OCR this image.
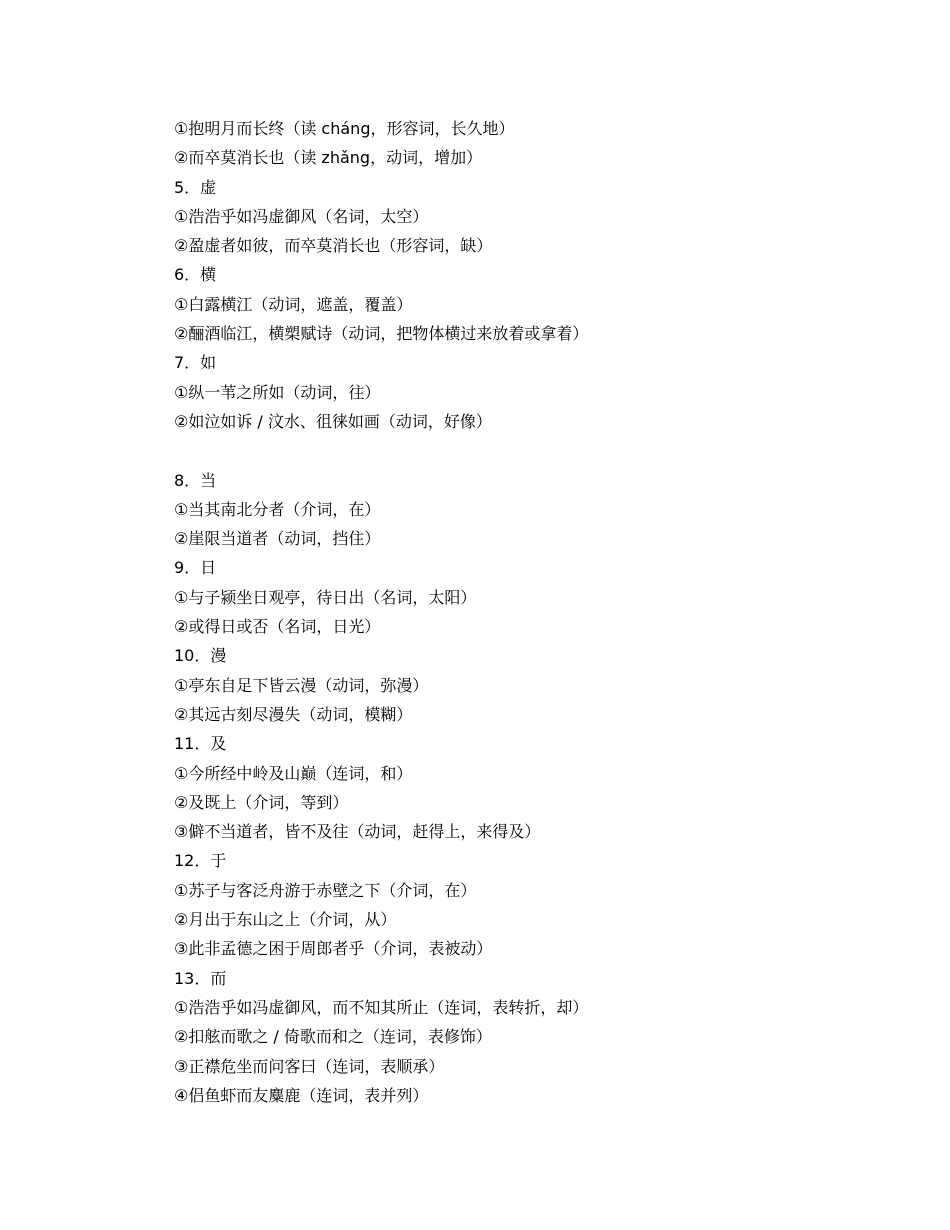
①抱明月而长终（读 cháng，形容词，长久地）
②而卒莫消长也（读 zhǎng，动词，增加）
5．虚
①浩浩乎如冯虚御风（名词，太空）
②盈虚者如彼，而卒莫消长也（形容词，缺）
6．横
①白露横江（动词，遮盖，覆盖）
②酾酒临江，横槊赋诗（动词，把物体横过来放着或拿着）
7．如
①纵一苇之所如（动词，往）
②如泣如诉 / 汶水、徂徕如画（动词，好像）
8．当
①当其南北分者（介词，在）
②崖限当道者（动词，挡住）
9．日
①与子颍坐日观亭，待日出（名词，太阳）
②或得日或否（名词，日光）
10．漫
①亭东自足下皆云漫（动词，弥漫）
②其远古刻尽漫失（动词，模糊）
11．及
①今所经中岭及山巅（连词，和）
②及既上（介词，等到）
③僻不当道者，皆不及往（动词，赶得上，来得及）
12．于
①苏子与客泛舟游于赤壁之下（介词，在）
②月出于东山之上（介词，从）
③此非孟德之困于周郎者乎（介词，表被动）
13．而
①浩浩乎如冯虚御风，而不知其所止（连词，表转折，却）
②扣舷而歌之 / 倚歌而和之（连词，表修饰）
③正襟危坐而问客曰（连词，表顺承）
④侣鱼虾而友麋鹿（连词，表并列）
